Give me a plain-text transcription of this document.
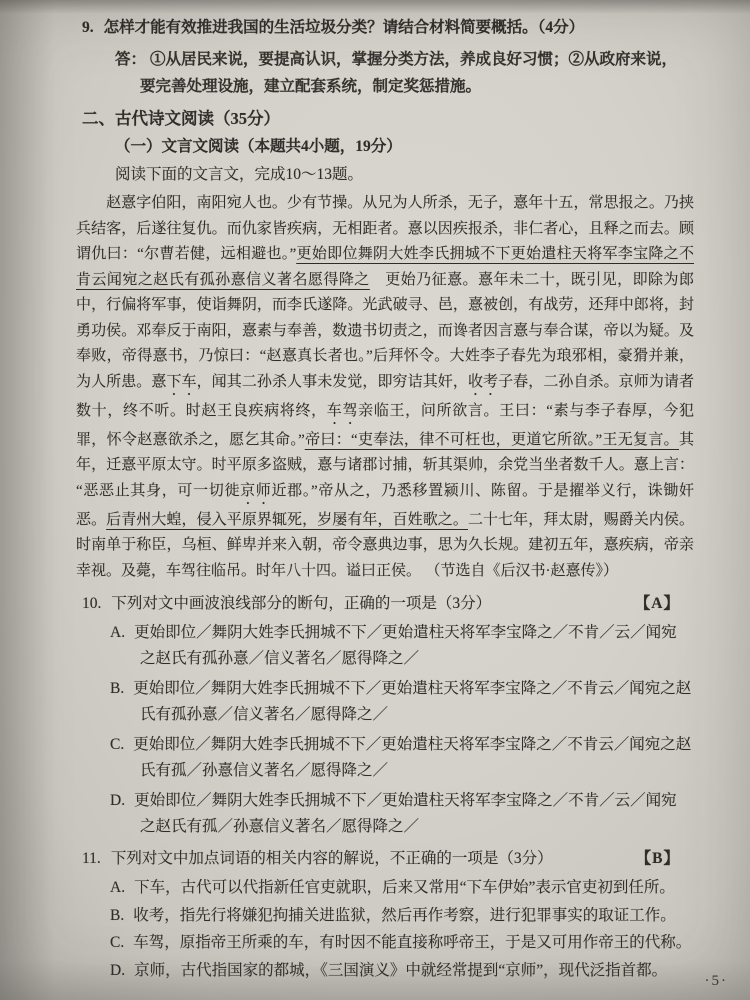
9. 怎样才能有效推进我国的生活垃圾分类？请结合材料简要概括。（4分）
答： ①从居民来说，要提高认识，掌握分类方法，养成良好习惯；②从政府来说，要完善处理设施，建立配套系统，制定奖惩措施。
二、古代诗文阅读（35分）
（一）文言文阅读（本题共4小题，19分）
阅读下面的文言文，完成10～13题。
赵憙字伯阳，南阳宛人也。少有节操。从兄为人所杀，无子，憙年十五，常思报之。乃挟兵结客，后遂往复仇。而仇家皆疾病，无相距者。憙以因疾报杀，非仁者心，且释之而去。顾谓仇曰：“尔曹若健，远相避也。”更始即位舞阴大姓李氏拥城不下更始遣柱天将军李宝降之不肯云闻宛之赵氏有孤孙憙信义著名愿得降之　更始乃征憙。憙年未二十，既引见，即除为郎中，行偏将军事，使诣舞阴，而李氏遂降。光武破寻、邑，憙被创，有战劳，还拜中郎将，封勇功侯。邓奉反于南阳，憙素与奉善，数遗书切责之，而谗者因言憙与奉合谋，帝以为疑。及奉败，帝得憙书，乃惊曰：“赵憙真长者也。”后拜怀令。大姓李子春先为琅邪相，豪猾并兼，为人所患。憙下车，闻其二孙杀人事未发觉，即穷诘其奸，收考子春，二孙自杀。京师为请者数十，终不听。时赵王良疾病将终，车驾亲临王，问所欲言。王曰：“素与李子春厚，今犯罪，怀令赵憙欲杀之，愿乞其命。”帝曰：“吏奉法，律不可枉也，更道它所欲。”王无复言。其年，迁憙平原太守。时平原多盗贼，憙与诸郡讨捕，斩其渠帅，余党当坐者数千人。憙上言：“恶恶止其身，可一切徙京师近郡。”帝从之，乃悉移置颍川、陈留。于是擢举义行，诛锄奸恶。后青州大蝗，侵入平原界辄死，岁屡有年，百姓歌之。二十七年，拜太尉，赐爵关内侯。时南单于称臣，乌桓、鲜卑并来入朝，帝令憙典边事，思为久长规。建初五年，憙疾病，帝亲幸视。及薨，车驾往临吊。时年八十四。谥曰正侯。 （节选自《后汉书·赵憙传》）
10. 下列对文中画波浪线部分的断句，正确的一项是（3分）	【A】
A. 更始即位／舞阴大姓李氏拥城不下／更始遣柱天将军李宝降之／不肯／云／闻宛之赵氏有孤孙憙／信义著名／愿得降之／
B. 更始即位／舞阴大姓李氏拥城不下／更始遣柱天将军李宝降之／不肯云／闻宛之赵氏有孤孙憙／信义著名／愿得降之／
C. 更始即位／舞阴大姓李氏拥城不下／更始遣柱天将军李宝降之／不肯云／闻宛之赵氏有孤／孙憙信义著名／愿得降之／
D. 更始即位／舞阴大姓李氏拥城不下／更始遣柱天将军李宝降之／不肯／云／闻宛之赵氏有孤／孙憙信义著名／愿得降之／
11. 下列对文中加点词语的相关内容的解说，不正确的一项是（3分）	【B】
A. 下车，古代可以代指新任官吏就职，后来又常用“下车伊始”表示官吏初到任所。
B. 收考，指先行将嫌犯拘捕关进监狱，然后再作考察，进行犯罪事实的取证工作。
C. 车驾，原指帝王所乘的车，有时因不能直接称呼帝王，于是又可用作帝王的代称。
D. 京师，古代指国家的都城，《三国演义》中就经常提到“京师”，现代泛指首都。
·5·
